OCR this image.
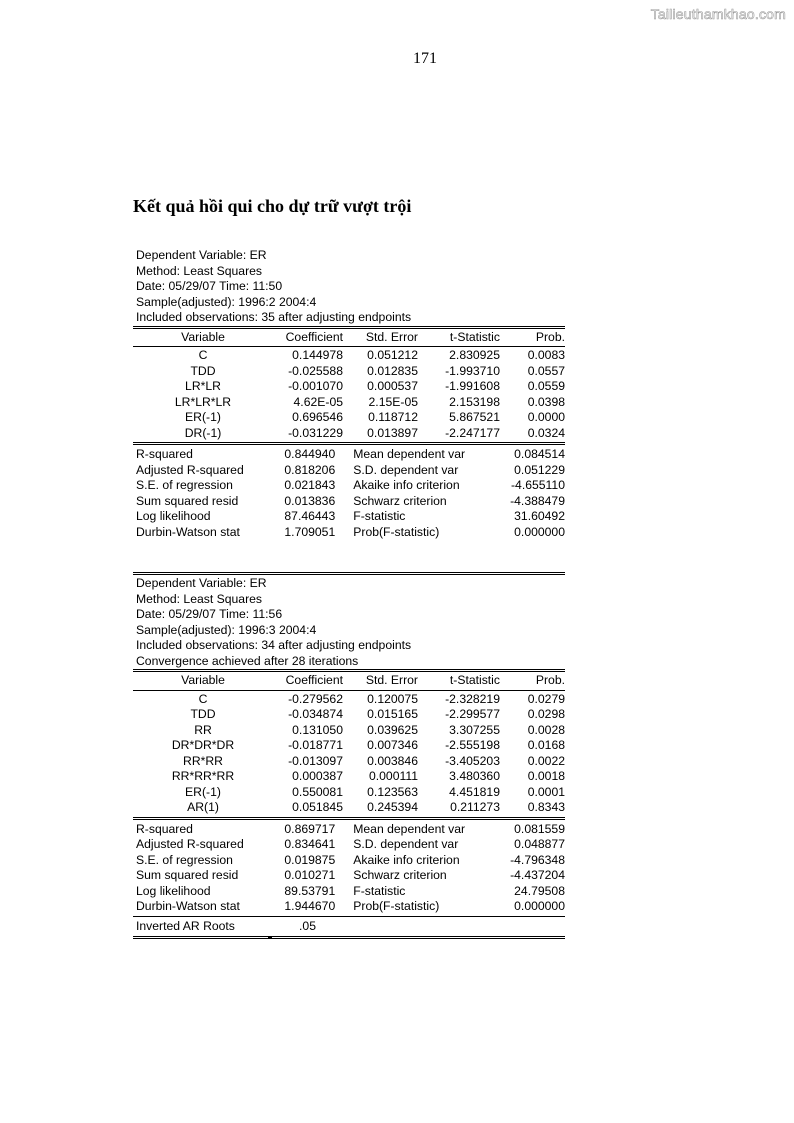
Tailieuthamkhao.com
171
Kết quả hồi qui cho dự trữ vượt trội
Dependent Variable: ER
Method: Least Squares
Date: 05/29/07 Time: 11:50
Sample(adjusted): 1996:2 2004:4
Included observations: 35 after adjusting endpoints
Variable	Coefficient	Std. Error	t-Statistic	Prob.
C	0.144978	0.051212	2.830925	0.0083
TDD	-0.025588	0.012835	-1.993710	0.0557
LR*LR	-0.001070	0.000537	-1.991608	0.0559
LR*LR*LR	4.62E-05	2.15E-05	2.153198	0.0398
ER(-1)	0.696546	0.118712	5.867521	0.0000
DR(-1)	-0.031229	0.013897	-2.247177	0.0324
R-squared	0.844940	Mean dependent var	0.084514
Adjusted R-squared	0.818206	S.D. dependent var	0.051229
S.E. of regression	0.021843	Akaike info criterion	-4.655110
Sum squared resid	0.013836	Schwarz criterion	-4.388479
Log likelihood	87.46443	F-statistic	31.60492
Durbin-Watson stat	1.709051	Prob(F-statistic)	0.000000
Dependent Variable: ER
Method: Least Squares
Date: 05/29/07 Time: 11:56
Sample(adjusted): 1996:3 2004:4
Included observations: 34 after adjusting endpoints
Convergence achieved after 28 iterations
Variable	Coefficient	Std. Error	t-Statistic	Prob.
C	-0.279562	0.120075	-2.328219	0.0279
TDD	-0.034874	0.015165	-2.299577	0.0298
RR	0.131050	0.039625	3.307255	0.0028
DR*DR*DR	-0.018771	0.007346	-2.555198	0.0168
RR*RR	-0.013097	0.003846	-3.405203	0.0022
RR*RR*RR	0.000387	0.000111	3.480360	0.0018
ER(-1)	0.550081	0.123563	4.451819	0.0001
AR(1)	0.051845	0.245394	0.211273	0.8343
R-squared	0.869717	Mean dependent var	0.081559
Adjusted R-squared	0.834641	S.D. dependent var	0.048877
S.E. of regression	0.019875	Akaike info criterion	-4.796348
Sum squared resid	0.010271	Schwarz criterion	-4.437204
Log likelihood	89.53791	F-statistic	24.79508
Durbin-Watson stat	1.944670	Prob(F-statistic)	0.000000
Inverted AR Roots	.05
